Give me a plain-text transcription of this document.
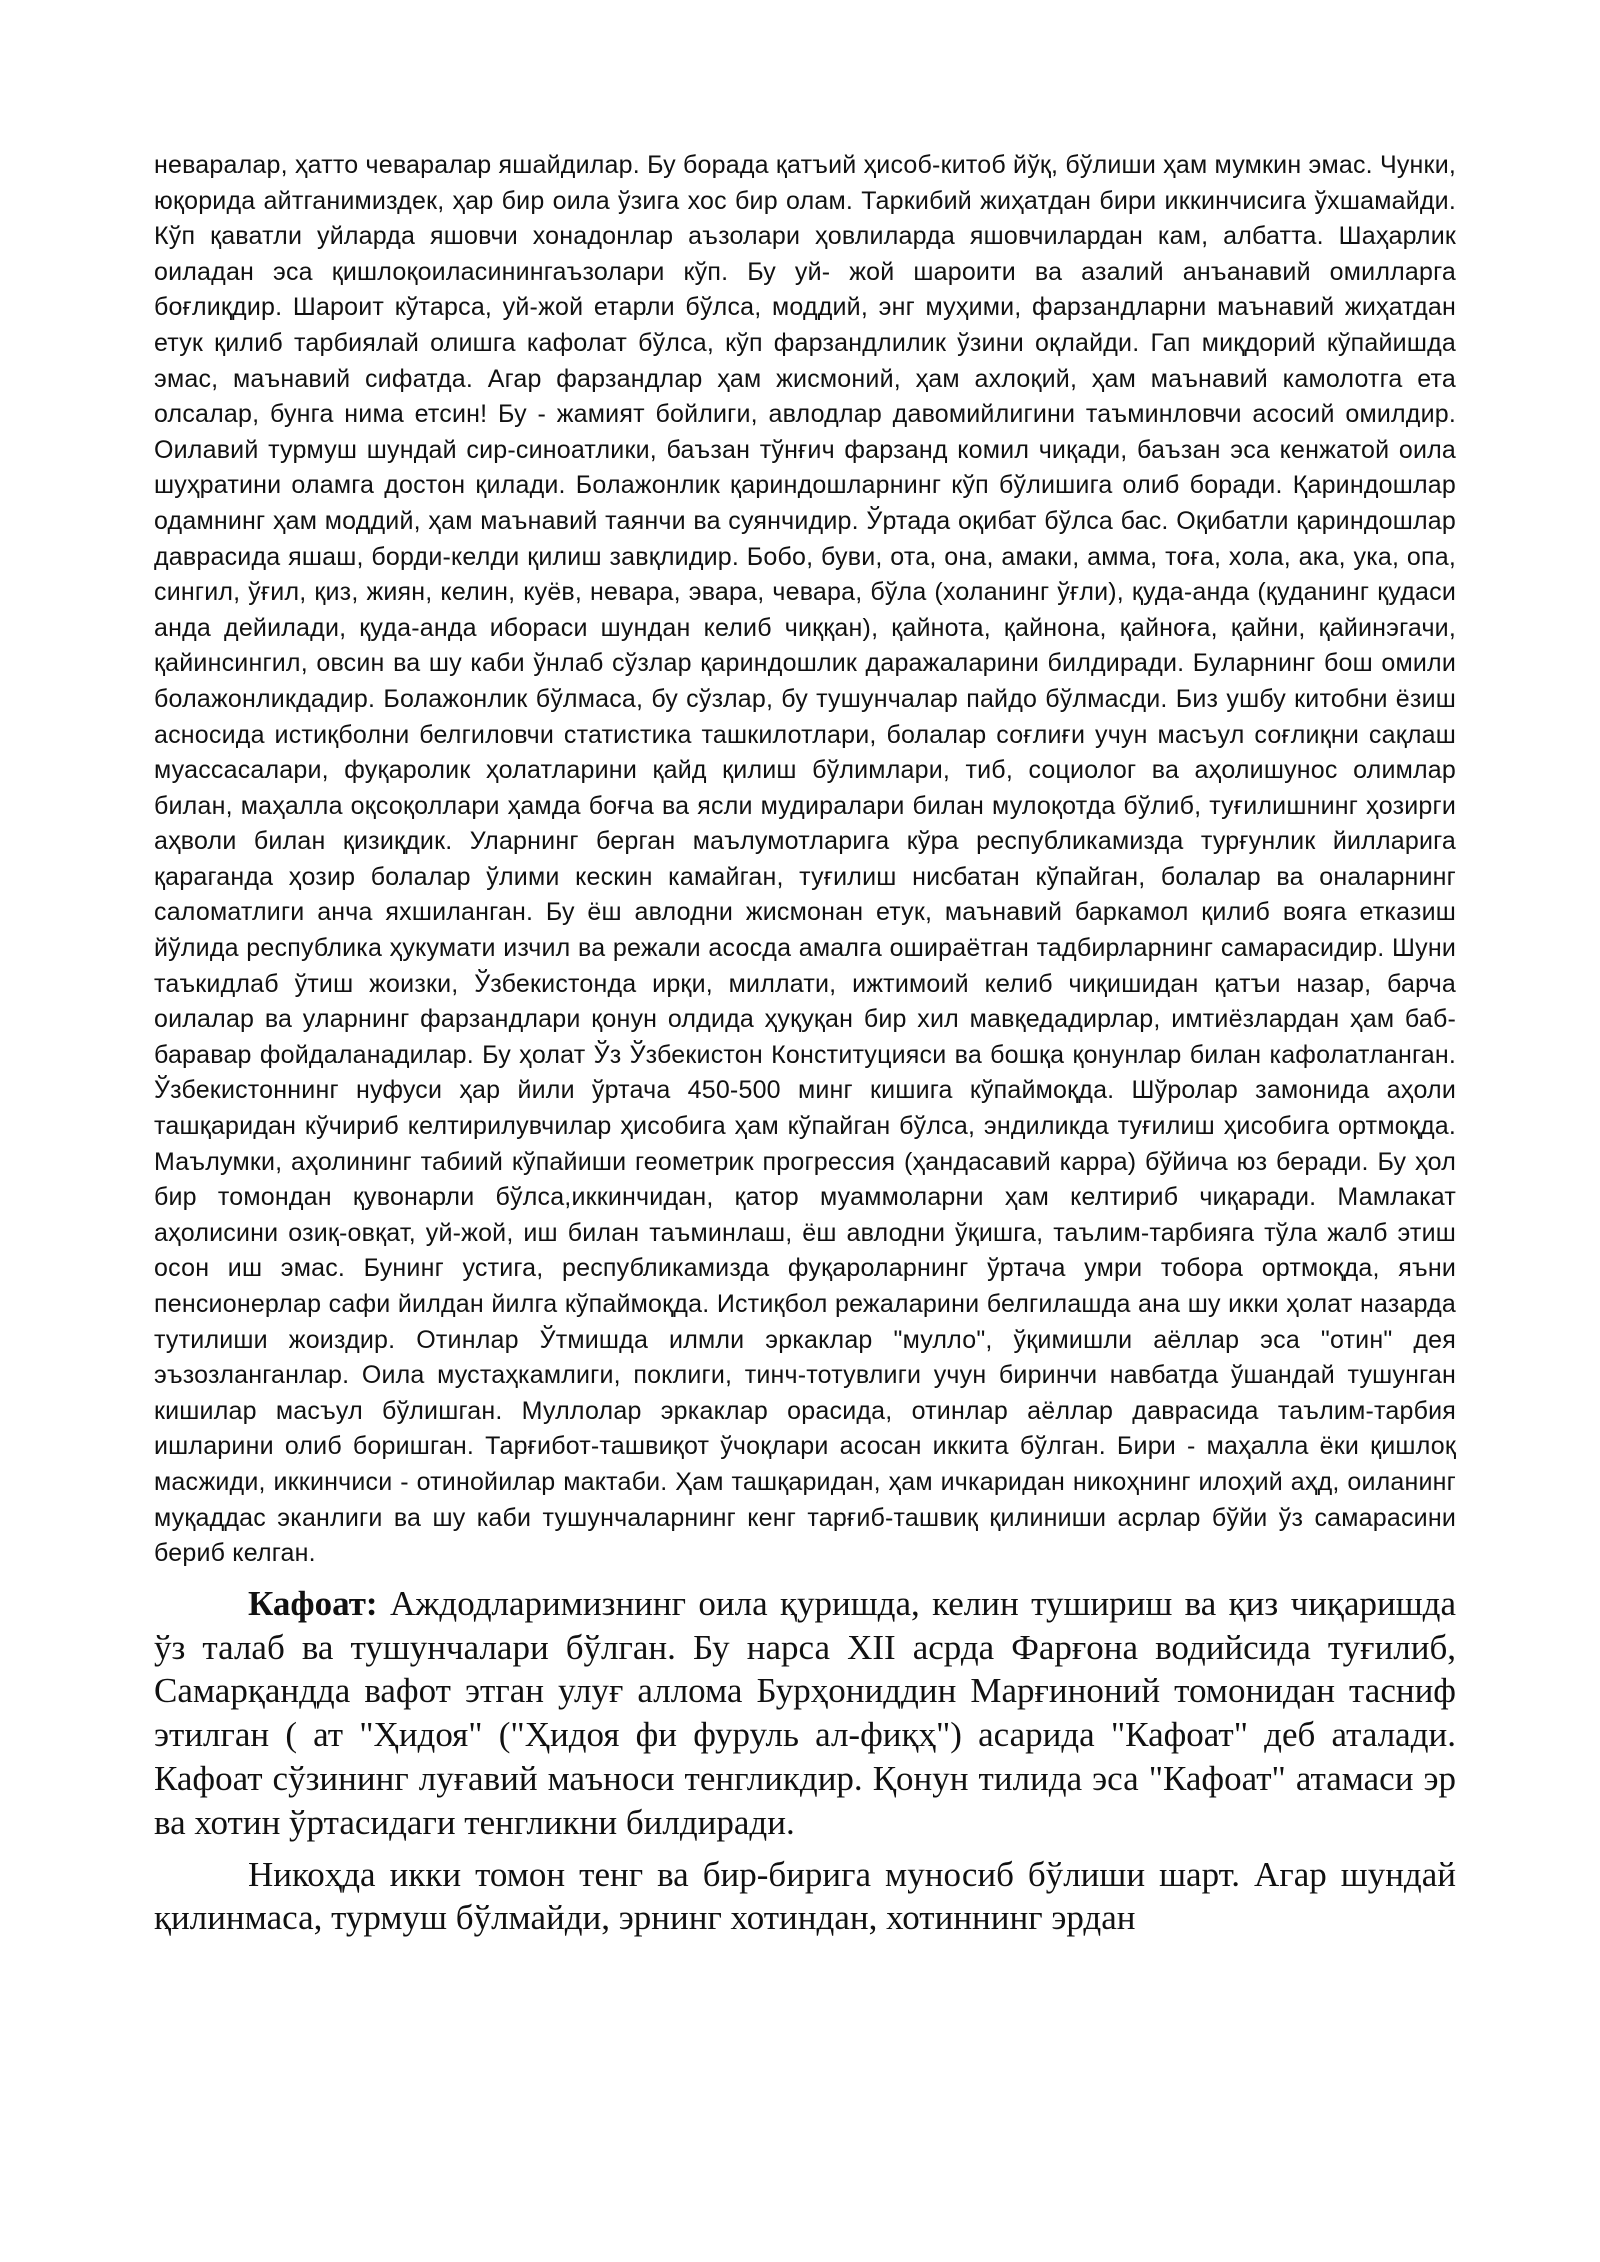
неваралар, ҳатто чеваралар яшайдилар. Бу борада қатъий ҳисоб-китоб йўқ, бўлиши ҳам мумкин эмас. Чунки, юқорида айтганимиздек, ҳар бир оила ўзига хос бир олам. Таркибий жиҳатдан бири иккинчисига ўхшамайди. Кўп қаватли уйларда яшовчи хонадонлар аъзолари ҳовлиларда яшовчилардан кам, албатта. Шаҳарлик оиладан эса қишлоқоиласинингаъзолари кўп. Бу уй- жой шароити ва азалий анъанавий омилларга боғлиқдир. Шароит кўтарса, уй-жой етарли бўлса, моддий, энг муҳими, фарзандларни маънавий жиҳатдан етук қилиб тарбиялай олишга кафолат бўлса, кўп фарзандлилик ўзини оқлайди. Гап миқдорий кўпайишда эмас, маънавий сифатда. Агар фарзандлар ҳам жисмоний, ҳам ахлоқий, ҳам маънавий камолотга ета олсалар, бунга нима етсин! Бу - жамият бойлиги, авлодлар давомийлигини таъминловчи асосий омилдир. Оилавий турмуш шундай сир-синоатлики, баъзан тўнғич фарзанд комил чиқади, баъзан эса кенжатой оила шуҳратини оламга достон қилади. Болажонлик қариндошларнинг кўп бўлишига олиб боради. Қариндошлар одамнинг ҳам моддий, ҳам маънавий таянчи ва суянчидир. Ўртада оқибат бўлса бас. Оқибатли қариндошлар даврасида яшаш, борди-келди қилиш завқлидир. Бобо, буви, ота, она, амаки, амма, тоға, хола, ака, ука, опа, сингил, ўғил, қиз, жиян, келин, куёв, невара, эвара, чевара, бўла (холанинг ўғли), қуда-анда (қуданинг қудаси анда дейилади, қуда-анда ибораси шундан келиб чиққан), қайнота, қайнона, қайноға, қайни, қайинэгачи, қайинсингил, овсин ва шу каби ўнлаб сўзлар қариндошлик даражаларини билдиради. Буларнинг бош омили болажонликдадир. Болажонлик бўлмаса, бу сўзлар, бу тушунчалар пайдо бўлмасди. Биз ушбу китобни ёзиш асносида истиқболни белгиловчи статистика ташкилотлари, болалар соғлиғи учун масъул соғлиқни сақлаш муассасалари, фуқаролик ҳолатларини қайд қилиш бўлимлари, тиб, социолог ва аҳолишунос олимлар билан, маҳалла оқсоқоллари ҳамда боғча ва ясли мудиралари билан мулоқотда бўлиб, туғилишнинг ҳозирги аҳволи билан қизиқдик. Уларнинг берган маълумотларига кўра республикамизда турғунлик йилларига қараганда ҳозир болалар ўлими кескин камайган, туғилиш нисбатан кўпайган, болалар ва оналарнинг саломатлиги анча яхшиланган. Бу ёш авлодни жисмонан етук, маънавий баркамол қилиб вояга етказиш йўлида республика ҳукумати изчил ва режали асосда амалга ошираётган тадбирларнинг самарасидир. Шуни таъкидлаб ўтиш жоизки, Ўзбекистонда ирқи, миллати, ижтимоий келиб чиқишидан қатъи назар, барча оилалар ва уларнинг фарзандлари қонун олдида ҳуқуқан бир хил мавқедадирлар, имтиёзлардан ҳам баб-баравар фойдаланадилар. Бу ҳолат Ўз Ўзбекистон Конституцияси ва бошқа қонунлар билан кафолатланган. Ўзбекистоннинг нуфуси ҳар йили ўртача 450-500 минг кишига кўпаймоқда. Шўролар замонида аҳоли ташқаридан кўчириб келтирилувчилар ҳисобига ҳам кўпайган бўлса, эндиликда туғилиш ҳисобига ортмоқда. Маълумки, аҳолининг табиий кўпайиши геометрик прогрессия (ҳандасавий карра) бўйича юз беради. Бу ҳол бир томондан қувонарли бўлса,иккинчидан, қатор муаммоларни ҳам келтириб чиқаради. Мамлакат аҳолисини озиқ-овқат, уй-жой, иш билан таъминлаш, ёш авлодни ўқишга, таълим-тарбияга тўла жалб этиш осон иш эмас. Бунинг устига, республикамизда фуқароларнинг ўртача умри тобора ортмоқда, яъни пенсионерлар сафи йилдан йилга кўпаймоқда. Истиқбол режаларини белгилашда ана шу икки ҳолат назарда тутилиши жоиздир. Отинлар Ўтмишда илмли эркаклар "мулло", ўқимишли аёллар эса "отин" дея эъзозланганлар. Оила мустаҳкамлиги, поклиги, тинч-тотувлиги учун биринчи навбатда ўшандай тушунган кишилар масъул бўлишган. Муллолар эркаклар орасида, отинлар аёллар даврасида таълим-тарбия ишларини олиб боришган. Тарғибот-ташвиқот ўчоқлари асосан иккита бўлган. Бири - маҳалла ёки қишлоқ масжиди, иккинчиси - отинойилар мактаби. Ҳам ташқаридан, ҳам ичкаридан никоҳнинг илоҳий аҳд, оиланинг муқаддас эканлиги ва шу каби тушунчаларнинг кенг тарғиб-ташвиқ қилиниши асрлар бўйи ўз самарасини бериб келган.

Кафоат: Аждодларимизнинг оила қуришда, келин тушириш ва қиз чиқаришда ўз талаб ва тушунчалари бўлган. Бу нарса XII асрда Фарғона водийсида туғилиб, Самарқандда вафот этган улуғ аллома Бурҳониддин Марғиноний томонидан тасниф этилган ( ат "Ҳидоя" ("Ҳидоя фи фуруль ал-фиқҳ") асарида "Кафоат" деб аталади. Кафоат сўзининг луғавий маъноси тенгликдир. Қонун тилида эса "Кафоат" атамаси эр ва хотин ўртасидаги тенгликни билдиради.

Никоҳда икки томон тенг ва бир-бирига муносиб бўлиши шарт. Агар шундай қилинмаса, турмуш бўлмайди, эрнинг хотиндан, хотиннинг эрдан
